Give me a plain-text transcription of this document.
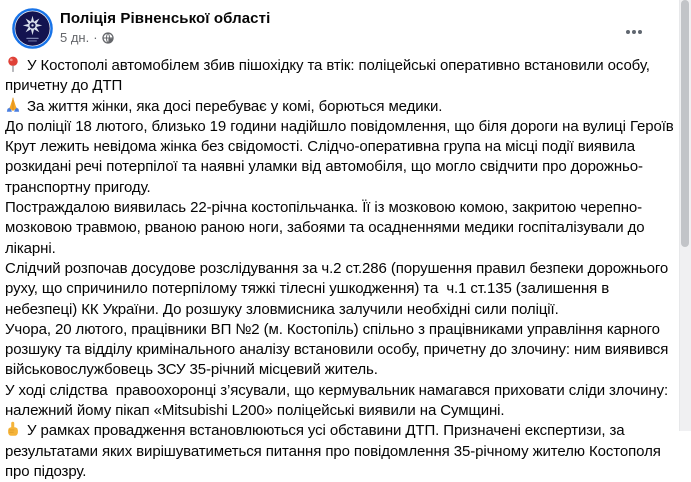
Поліція Рівненської області
5 дн. ·

У Костополі автомобілем збив пішохідку та втік: поліцейські оперативно встановили особу, причетну до ДТП

За життя жінки, яка досі перебуває у комі, борються медики.

До поліції 18 лютого, близько 19 години надійшло повідомлення, що біля дороги на вулиці Героїв Крут лежить невідома жінка без свідомості. Слідчо-оперативна група на місці події виявила розкидані речі потерпілої та наявні уламки від автомобіля, що могло свідчити про дорожньо-транспортну пригоду.

Постраждалою виявилась 22-річна костопільчанка. Її із мозковою комою, закритою черепно-мозковою травмою, рваною раною ноги, забоями та осадненнями медики госпіталізували до лікарні.

Слідчий розпочав досудове розслідування за ч.2 ст.286 (порушення правил безпеки дорожнього руху, що спричинило потерпілому тяжкі тілесні ушкодження) та  ч.1 ст.135 (залишення в небезпеці) КК України. До розшуку зловмисника залучили необхідні сили поліції.

Учора, 20 лютого, працівники ВП №2 (м. Костопіль) спільно з працівниками управління карного розшуку та відділу кримінального аналізу встановили особу, причетну до злочину: ним виявився військовослужбовець ЗСУ 35-річний місцевий житель.

У ході слідства  правоохоронці з’ясували, що кермувальник намагався приховати сліди злочину: належний йому пікап «Mitsubishi L200» поліцейські виявили на Сумщині.

У рамках провадження встановлюються усі обставини ДТП. Призначені експертизи, за результатами яких вирішуватиметься питання про повідомлення 35-річному жителю Костополя про підозру.
